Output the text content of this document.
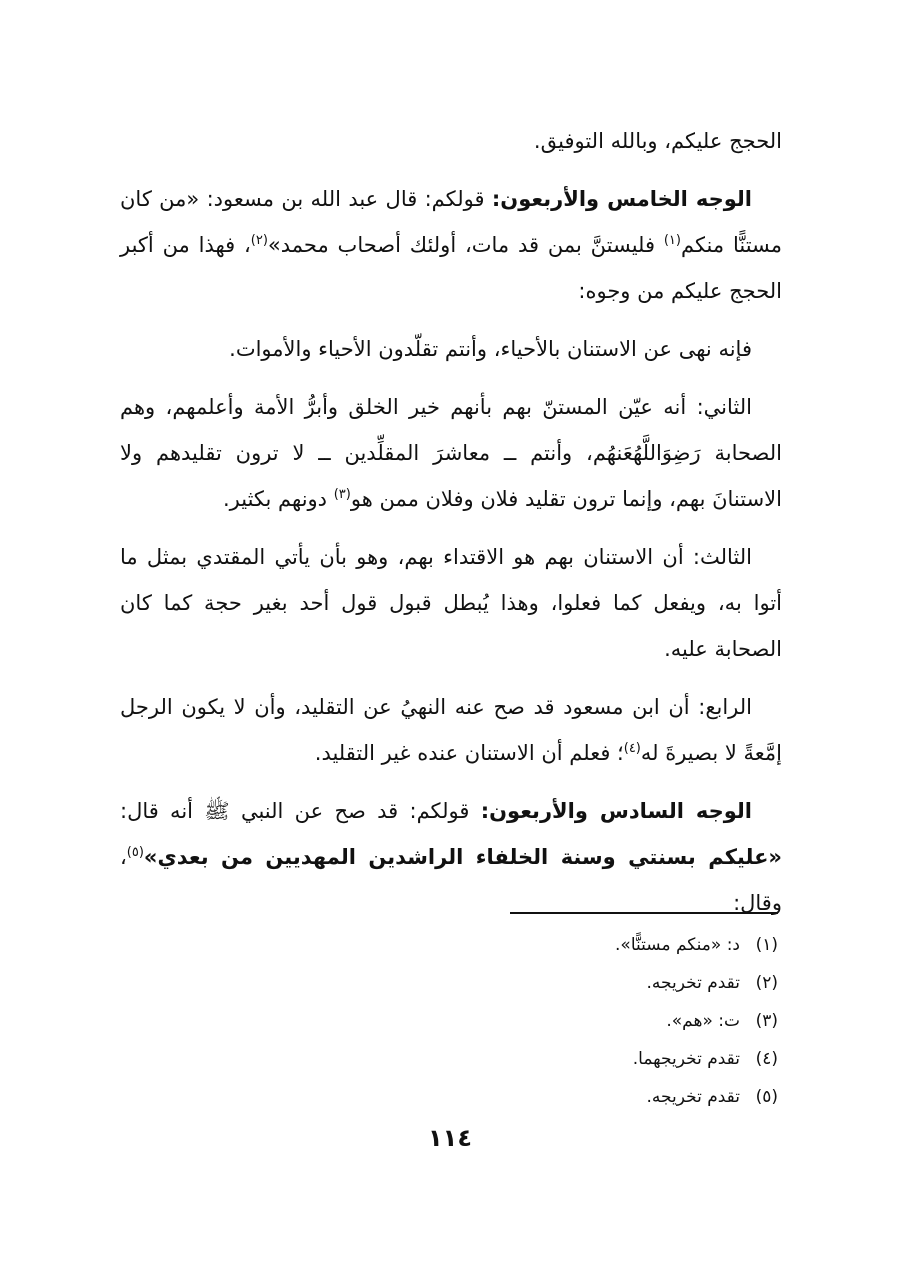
الحجج عليكم، وبالله التوفيق.

الوجه الخامس والأربعون: قولكم: قال عبد الله بن مسعود: «من كان مستنًّا منكم$^{(١)}$ فليستنَّ بمن قد مات، أولئك أصحاب محمد»$^{(٢)}$، فهذا من أكبر الحجج عليكم من وجوه:

فإنه نهى عن الاستنان بالأحياء، وأنتم تقلّدون الأحياء والأموات.

الثاني: أنه عيّن المستنّ بهم بأنهم خير الخلق وأبرُّ الأمة وأعلمهم، وهم الصحابة رَضِوَاللَّهُعَنهُم، وأنتم ــ معاشرَ المقلِّدين ــ لا ترون تقليدهم ولا الاستنانَ بهم، وإنما ترون تقليد فلان وفلان ممن هو$^{(٣)}$ دونهم بكثير.

الثالث: أن الاستنان بهم هو الاقتداء بهم، وهو بأن يأتي المقتدي بمثل ما أتوا به، ويفعل كما فعلوا، وهذا يُبطل قبول قول أحد بغير حجة كما كان الصحابة عليه.

الرابع: أن ابن مسعود قد صح عنه النهيُ عن التقليد، وأن لا يكون الرجل إمَّعةً لا بصيرةَ له$^{(٤)}$؛ فعلم أن الاستنان عنده غير التقليد.

الوجه السادس والأربعون: قولكم: قد صح عن النبي ﷺ أنه قال: «عليكم بسنتي وسنة الخلفاء الراشدين المهديين من بعدي»$^{(٥)}$، وقال:

(١)
د: «منكم مستنًّا».
(٢)
تقدم تخريجه.
(٣)
ت: «هم».
(٤)
تقدم تخريجهما.
(٥)
تقدم تخريجه.
١١٤
